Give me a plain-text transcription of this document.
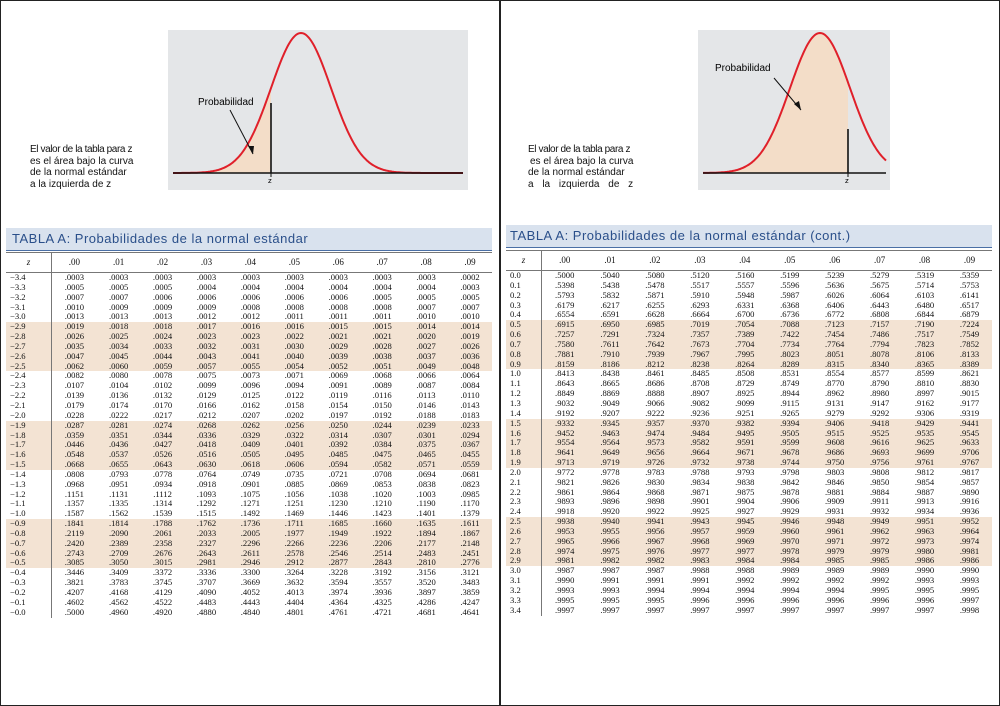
z
Probabilidad
El valor de la tabla para z
es el área bajo la curva
de la normal estándar
a la izquierda de z
TABLA A: Probabilidades de la normal estándar
z	.00	.01	.02	.03	.04	.05	.06	.07	.08	.09
−3.4	.0003	.0003	.0003	.0003	.0003	.0003	.0003	.0003	.0003	.0002
−3.3	.0005	.0005	.0005	.0004	.0004	.0004	.0004	.0004	.0004	.0003
−3.2	.0007	.0007	.0006	.0006	.0006	.0006	.0006	.0005	.0005	.0005
−3.1	.0010	.0009	.0009	.0009	.0008	.0008	.0008	.0008	.0007	.0007
−3.0	.0013	.0013	.0013	.0012	.0012	.0011	.0011	.0011	.0010	.0010
−2.9	.0019	.0018	.0018	.0017	.0016	.0016	.0015	.0015	.0014	.0014
−2.8	.0026	.0025	.0024	.0023	.0023	.0022	.0021	.0021	.0020	.0019
−2.7	.0035	.0034	.0033	.0032	.0031	.0030	.0029	.0028	.0027	.0026
−2.6	.0047	.0045	.0044	.0043	.0041	.0040	.0039	.0038	.0037	.0036
−2.5	.0062	.0060	.0059	.0057	.0055	.0054	.0052	.0051	.0049	.0048
−2.4	.0082	.0080	.0078	.0075	.0073	.0071	.0069	.0068	.0066	.0064
−2.3	.0107	.0104	.0102	.0099	.0096	.0094	.0091	.0089	.0087	.0084
−2.2	.0139	.0136	.0132	.0129	.0125	.0122	.0119	.0116	.0113	.0110
−2.1	.0179	.0174	.0170	.0166	.0162	.0158	.0154	.0150	.0146	.0143
−2.0	.0228	.0222	.0217	.0212	.0207	.0202	.0197	.0192	.0188	.0183
−1.9	.0287	.0281	.0274	.0268	.0262	.0256	.0250	.0244	.0239	.0233
−1.8	.0359	.0351	.0344	.0336	.0329	.0322	.0314	.0307	.0301	.0294
−1.7	.0446	.0436	.0427	.0418	.0409	.0401	.0392	.0384	.0375	.0367
−1.6	.0548	.0537	.0526	.0516	.0505	.0495	.0485	.0475	.0465	.0455
−1.5	.0668	.0655	.0643	.0630	.0618	.0606	.0594	.0582	.0571	.0559
−1.4	.0808	.0793	.0778	.0764	.0749	.0735	.0721	.0708	.0694	.0681
−1.3	.0968	.0951	.0934	.0918	.0901	.0885	.0869	.0853	.0838	.0823
−1.2	.1151	.1131	.1112	.1093	.1075	.1056	.1038	.1020	.1003	.0985
−1.1	.1357	.1335	.1314	.1292	.1271	.1251	.1230	.1210	.1190	.1170
−1.0	.1587	.1562	.1539	.1515	.1492	.1469	.1446	.1423	.1401	.1379
−0.9	.1841	.1814	.1788	.1762	.1736	.1711	.1685	.1660	.1635	.1611
−0.8	.2119	.2090	.2061	.2033	.2005	.1977	.1949	.1922	.1894	.1867
−0.7	.2420	.2389	.2358	.2327	.2296	.2266	.2236	.2206	.2177	.2148
−0.6	.2743	.2709	.2676	.2643	.2611	.2578	.2546	.2514	.2483	.2451
−0.5	.3085	.3050	.3015	.2981	.2946	.2912	.2877	.2843	.2810	.2776
−0.4	.3446	.3409	.3372	.3336	.3300	.3264	.3228	.3192	.3156	.3121
−0.3	.3821	.3783	.3745	.3707	.3669	.3632	.3594	.3557	.3520	.3483
−0.2	.4207	.4168	.4129	.4090	.4052	.4013	.3974	.3936	.3897	.3859
−0.1	.4602	.4562	.4522	.4483	.4443	.4404	.4364	.4325	.4286	.4247
−0.0	.5000	.4960	.4920	.4880	.4840	.4801	.4761	.4721	.4681	.4641
z
Probabilidad
El valor de la tabla para z
es el área bajo la curva
de la normal estándar
a la izquierda de z
TABLA A: Probabilidades de la normal estándar (cont.)
z	.00	.01	.02	.03	.04	.05	.06	.07	.08	.09
0.0	.5000	.5040	.5080	.5120	.5160	.5199	.5239	.5279	.5319	.5359
0.1	.5398	.5438	.5478	.5517	.5557	.5596	.5636	.5675	.5714	.5753
0.2	.5793	.5832	.5871	.5910	.5948	.5987	.6026	.6064	.6103	.6141
0.3	.6179	.6217	.6255	.6293	.6331	.6368	.6406	.6443	.6480	.6517
0.4	.6554	.6591	.6628	.6664	.6700	.6736	.6772	.6808	.6844	.6879
0.5	.6915	.6950	.6985	.7019	.7054	.7088	.7123	.7157	.7190	.7224
0.6	.7257	.7291	.7324	.7357	.7389	.7422	.7454	.7486	.7517	.7549
0.7	.7580	.7611	.7642	.7673	.7704	.7734	.7764	.7794	.7823	.7852
0.8	.7881	.7910	.7939	.7967	.7995	.8023	.8051	.8078	.8106	.8133
0.9	.8159	.8186	.8212	.8238	.8264	.8289	.8315	.8340	.8365	.8389
1.0	.8413	.8438	.8461	.8485	.8508	.8531	.8554	.8577	.8599	.8621
1.1	.8643	.8665	.8686	.8708	.8729	.8749	.8770	.8790	.8810	.8830
1.2	.8849	.8869	.8888	.8907	.8925	.8944	.8962	.8980	.8997	.9015
1.3	.9032	.9049	.9066	.9082	.9099	.9115	.9131	.9147	.9162	.9177
1.4	.9192	.9207	.9222	.9236	.9251	.9265	.9279	.9292	.9306	.9319
1.5	.9332	.9345	.9357	.9370	.9382	.9394	.9406	.9418	.9429	.9441
1.6	.9452	.9463	.9474	.9484	.9495	.9505	.9515	.9525	.9535	.9545
1.7	.9554	.9564	.9573	.9582	.9591	.9599	.9608	.9616	.9625	.9633
1.8	.9641	.9649	.9656	.9664	.9671	.9678	.9686	.9693	.9699	.9706
1.9	.9713	.9719	.9726	.9732	.9738	.9744	.9750	.9756	.9761	.9767
2.0	.9772	.9778	.9783	.9788	.9793	.9798	.9803	.9808	.9812	.9817
2.1	.9821	.9826	.9830	.9834	.9838	.9842	.9846	.9850	.9854	.9857
2.2	.9861	.9864	.9868	.9871	.9875	.9878	.9881	.9884	.9887	.9890
2.3	.9893	.9896	.9898	.9901	.9904	.9906	.9909	.9911	.9913	.9916
2.4	.9918	.9920	.9922	.9925	.9927	.9929	.9931	.9932	.9934	.9936
2.5	.9938	.9940	.9941	.9943	.9945	.9946	.9948	.9949	.9951	.9952
2.6	.9953	.9955	.9956	.9957	.9959	.9960	.9961	.9962	.9963	.9964
2.7	.9965	.9966	.9967	.9968	.9969	.9970	.9971	.9972	.9973	.9974
2.8	.9974	.9975	.9976	.9977	.9977	.9978	.9979	.9979	.9980	.9981
2.9	.9981	.9982	.9982	.9983	.9984	.9984	.9985	.9985	.9986	.9986
3.0	.9987	.9987	.9987	.9988	.9988	.9989	.9989	.9989	.9990	.9990
3.1	.9990	.9991	.9991	.9991	.9992	.9992	.9992	.9992	.9993	.9993
3.2	.9993	.9993	.9994	.9994	.9994	.9994	.9994	.9995	.9995	.9995
3.3	.9995	.9995	.9995	.9996	.9996	.9996	.9996	.9996	.9996	.9997
3.4	.9997	.9997	.9997	.9997	.9997	.9997	.9997	.9997	.9997	.9998
